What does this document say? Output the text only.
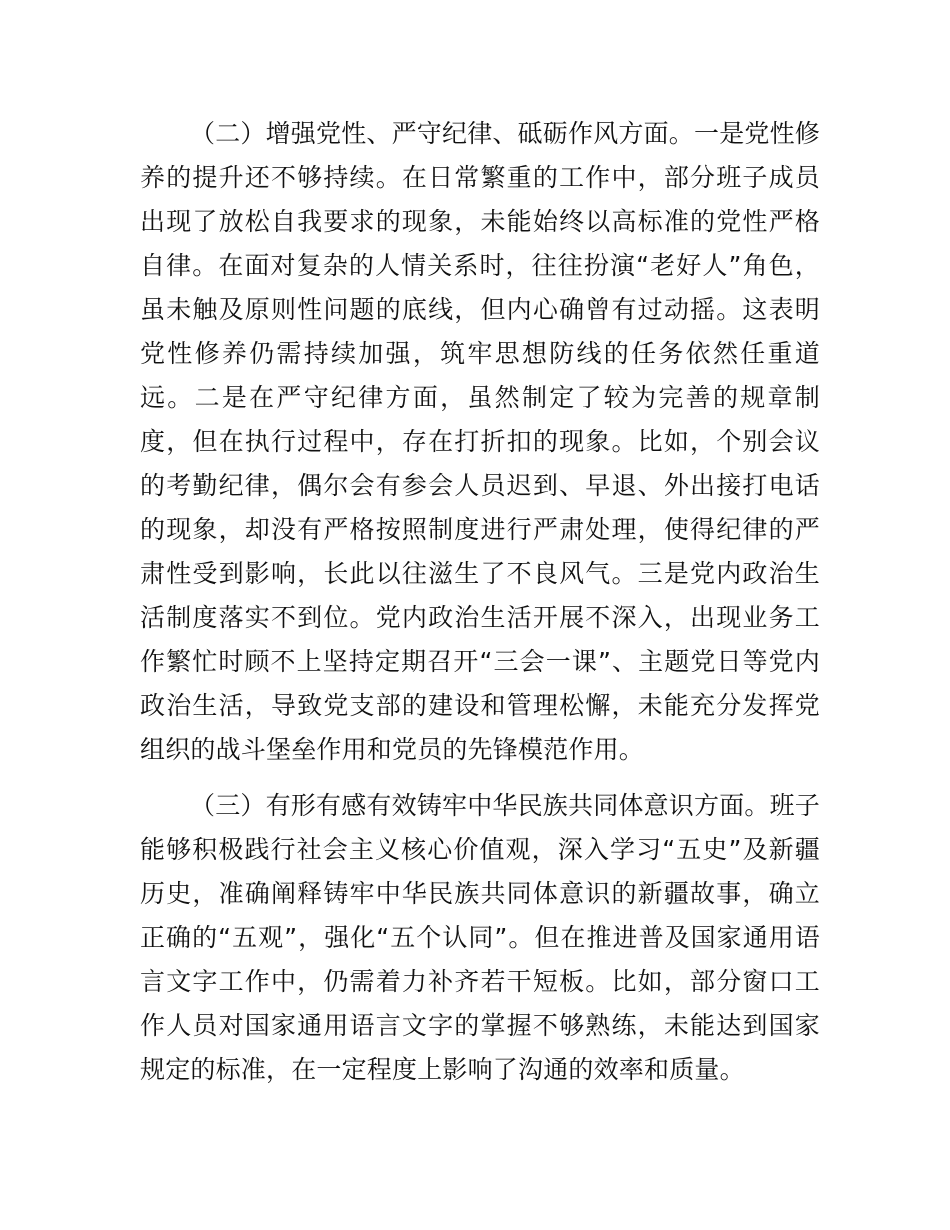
（二）增强党性、严守纪律、砥砺作风方面。一是党性修养的提升还不够持续。在日常繁重的工作中，部分班子成员出现了放松自我要求的现象，未能始终以高标准的党性严格自律。在面对复杂的人情关系时，往往扮演“老好人”角色，虽未触及原则性问题的底线，但内心确曾有过动摇。这表明党性修养仍需持续加强，筑牢思想防线的任务依然任重道远。二是在严守纪律方面，虽然制定了较为完善的规章制度，但在执行过程中，存在打折扣的现象。比如，个别会议的考勤纪律，偶尔会有参会人员迟到、早退、外出接打电话的现象，却没有严格按照制度进行严肃处理，使得纪律的严肃性受到影响，长此以往滋生了不良风气。三是党内政治生活制度落实不到位。党内政治生活开展不深入，出现业务工作繁忙时顾不上坚持定期召开“三会一课”、主题党日等党内政治生活，导致党支部的建设和管理松懈，未能充分发挥党组织的战斗堡垒作用和党员的先锋模范作用。

（三）有形有感有效铸牢中华民族共同体意识方面。班子能够积极践行社会主义核心价值观，深入学习“五史”及新疆历史，准确阐释铸牢中华民族共同体意识的新疆故事，确立正确的“五观”，强化“五个认同”。但在推进普及国家通用语言文字工作中，仍需着力补齐若干短板。比如，部分窗口工作人员对国家通用语言文字的掌握不够熟练，未能达到国家规定的标准，在一定程度上影响了沟通的效率和质量。
